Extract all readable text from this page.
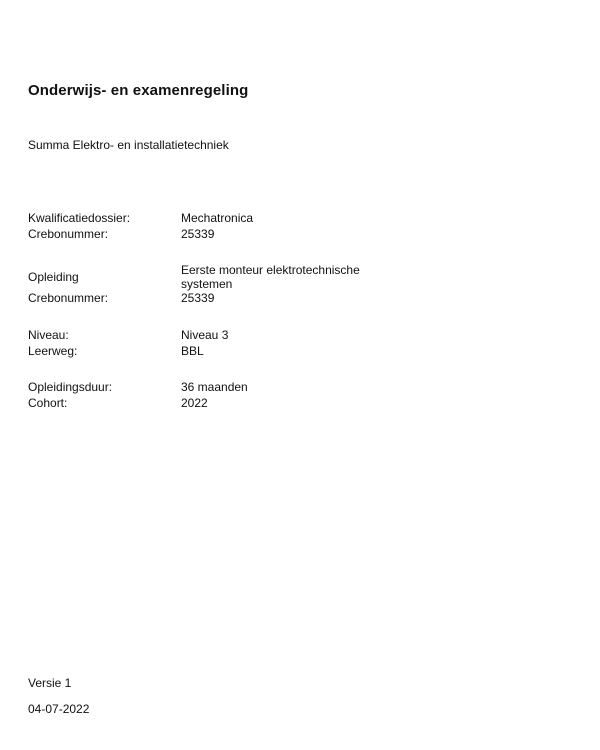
Onderwijs- en examenregeling
Summa Elektro- en installatietechniek
Kwalificatiedossier:	Mechatronica
Crebonummer:	25339
Opleiding	Eerste monteur elektrotechnische systemen
Crebonummer:	25339
Niveau:	Niveau 3
Leerweg:	BBL
Opleidingsduur:	36 maanden
Cohort:	2022
Versie 1
04-07-2022
